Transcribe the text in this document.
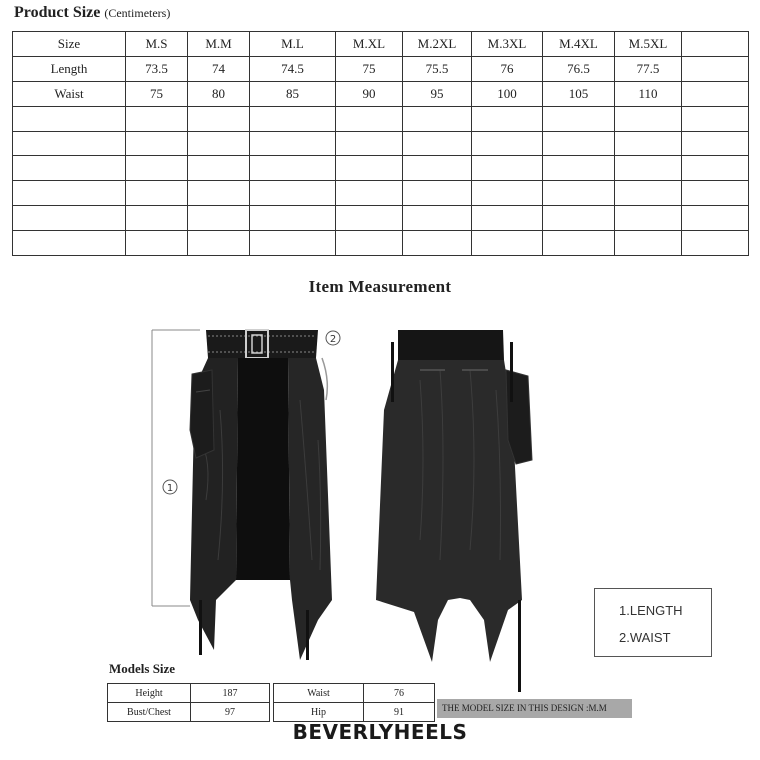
Product Size (Centimeters)
Size	M.S	M.M	M.L	M.XL	M.2XL	M.3XL	M.4XL	M.5XL	
Length	73.5	74	74.5	75	75.5	76	76.5	77.5	
Waist	75	80	85	90	95	100	105	110	

Item Measurement
1
2
1.LENGTH
2.WAIST
Models Size
Height	187		Waist	76
Bust/Chest	97		Hip	91	THE MODEL SIZE IN THIS DESIGN :M.M
BEVERLYHEELS
